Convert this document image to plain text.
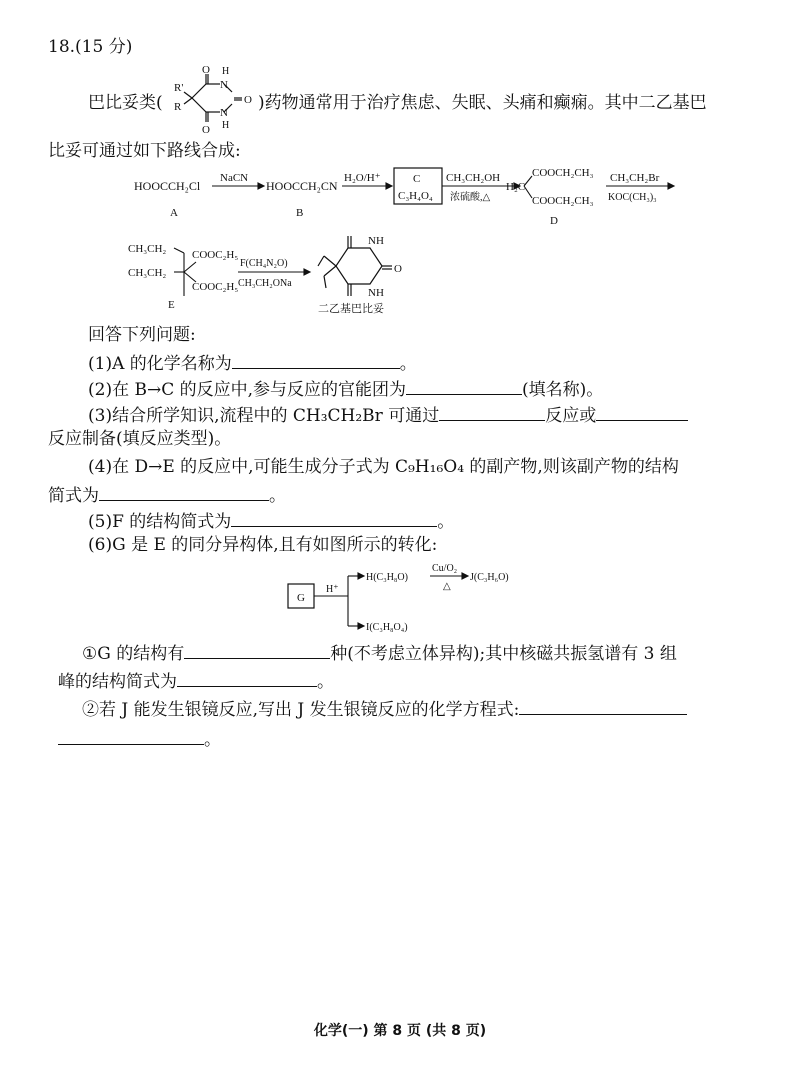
18.(15 分)
巴比妥类(
R'
R
O
O
H
N
N
H
O )药物通常用于治疗焦虑、失眠、头痛和癫痫。其中二乙基巴
比妥可通过如下路线合成:
HOOCCH₂Cl
A
NaCN
HOOCCH₂CN
B
H₂O/H⁺	C
C₃H₄O₄
CH₃CH₂OH
浓硫酸,△
H₂C
COOCH₂CH₃
COOCH₂CH₃
D
CH₃CH₂Br
KOC(CH₃)₃
CH₃CH₂
CH₃CH₂
COOC₂H₅
COOC₂H₅
E
F(CH₄N₂O)
CH₃CH₂ONa
NH
NH
O
二乙基巴比妥
回答下列问题:
(1)A 的化学名称为	。
(2)在 B→C 的反应中,参与反应的官能团为	(填名称)。
(3)结合所学知识,流程中的 CH₃CH₂Br 可通过	反应或
反应制备(填反应类型)。
(4)在 D→E 的反应中,可能生成分子式为 C₉H₁₆O₄ 的副产物,则该副产物的结构
简式为	。
(5)F 的结构简式为	。
(6)G 是 E 的同分异构体,且有如图所示的转化:
G
H⁺
H(C₃H₈O)
Cu/O₂
△
J(C₃H₆O)
I(C₃H₈O₄)
①G 的结构有	种(不考虑立体异构);其中核磁共振氢谱有 3 组
峰的结构简式为	。
②若 J 能发生银镜反应,写出 J 发生银镜反应的化学方程式:
。
化学(一) 第 8 页 (共 8 页)
